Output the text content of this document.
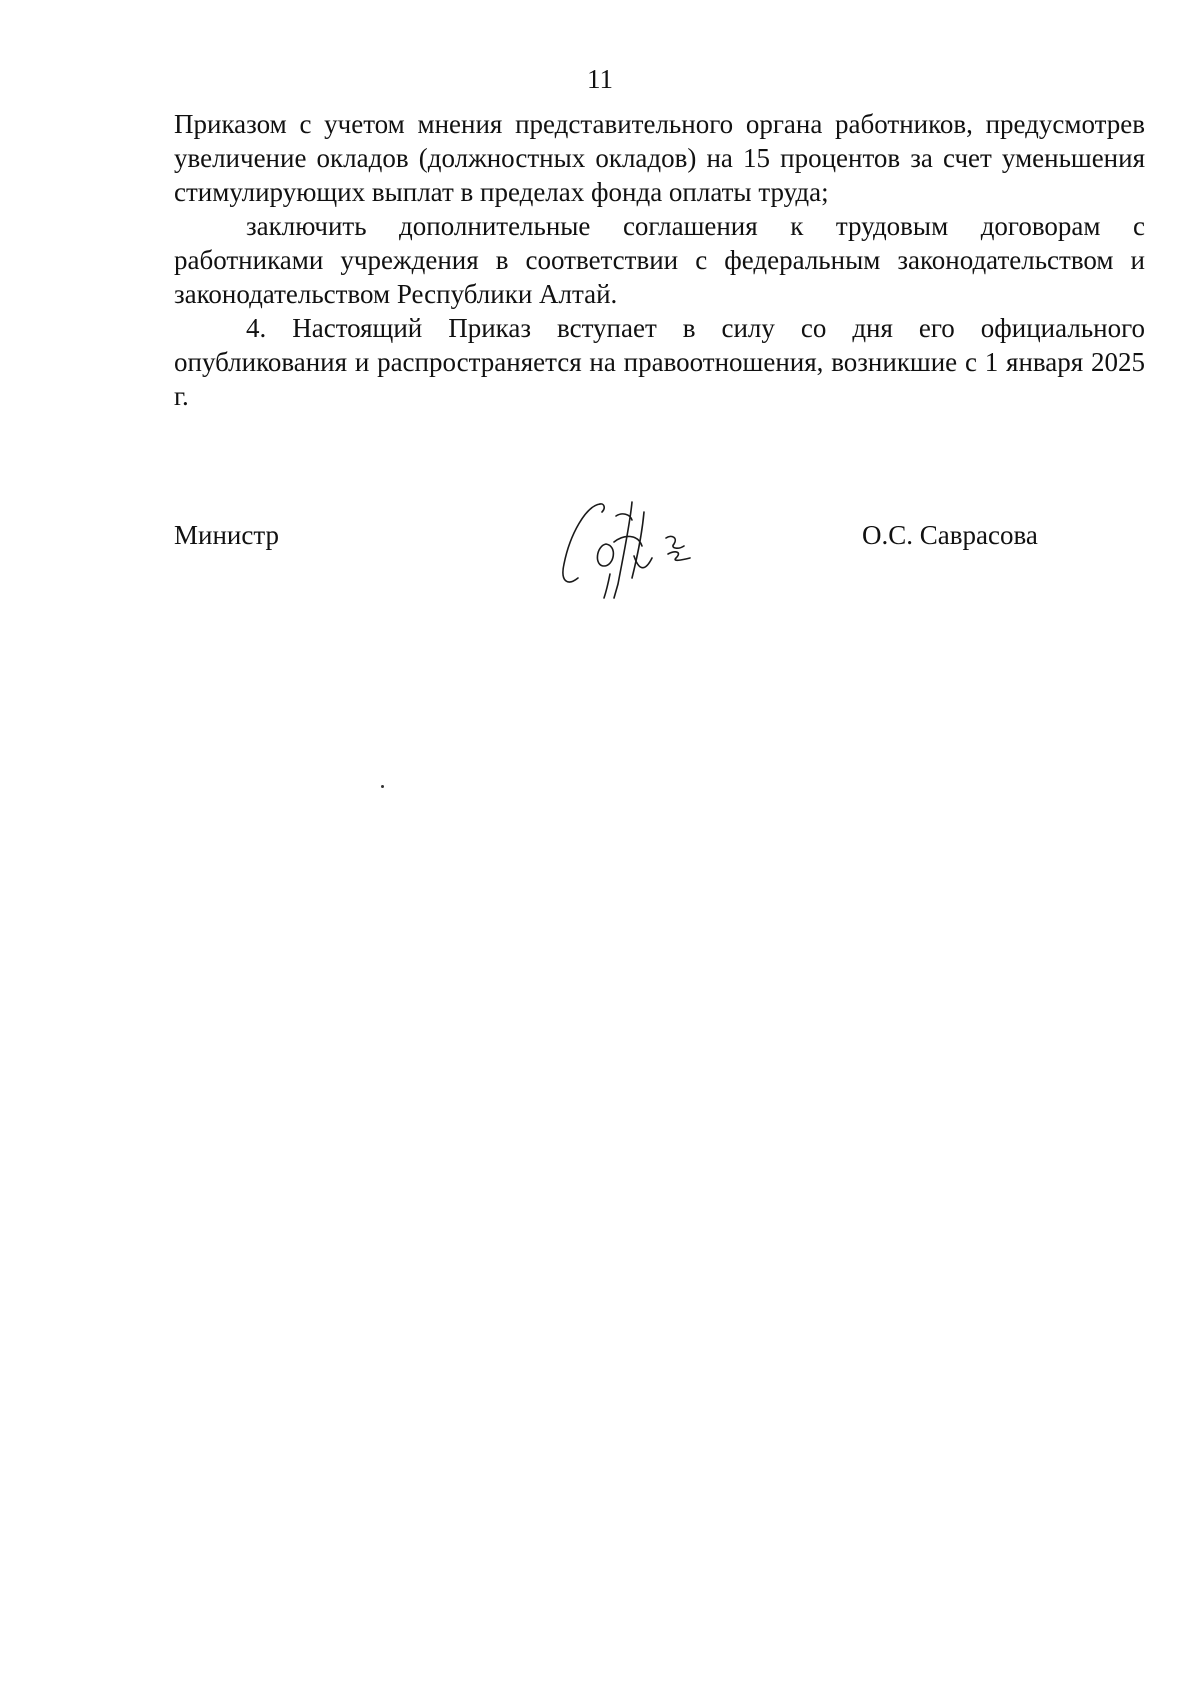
11

Приказом с учетом мнения представительного органа работников, предусмотрев увеличение окладов (должностных окладов) на 15 процентов за счет уменьшения стимулирующих выплат в пределах фонда оплаты труда;

заключить дополнительные соглашения к трудовым договорам с работниками учреждения в соответствии с федеральным законодательством и законодательством Республики Алтай.

4. Настоящий Приказ вступает в силу со дня его официального опубликования и распространяется на правоотношения, возникшие с 1 января 2025 г.

Министр	О.С. Саврасова
